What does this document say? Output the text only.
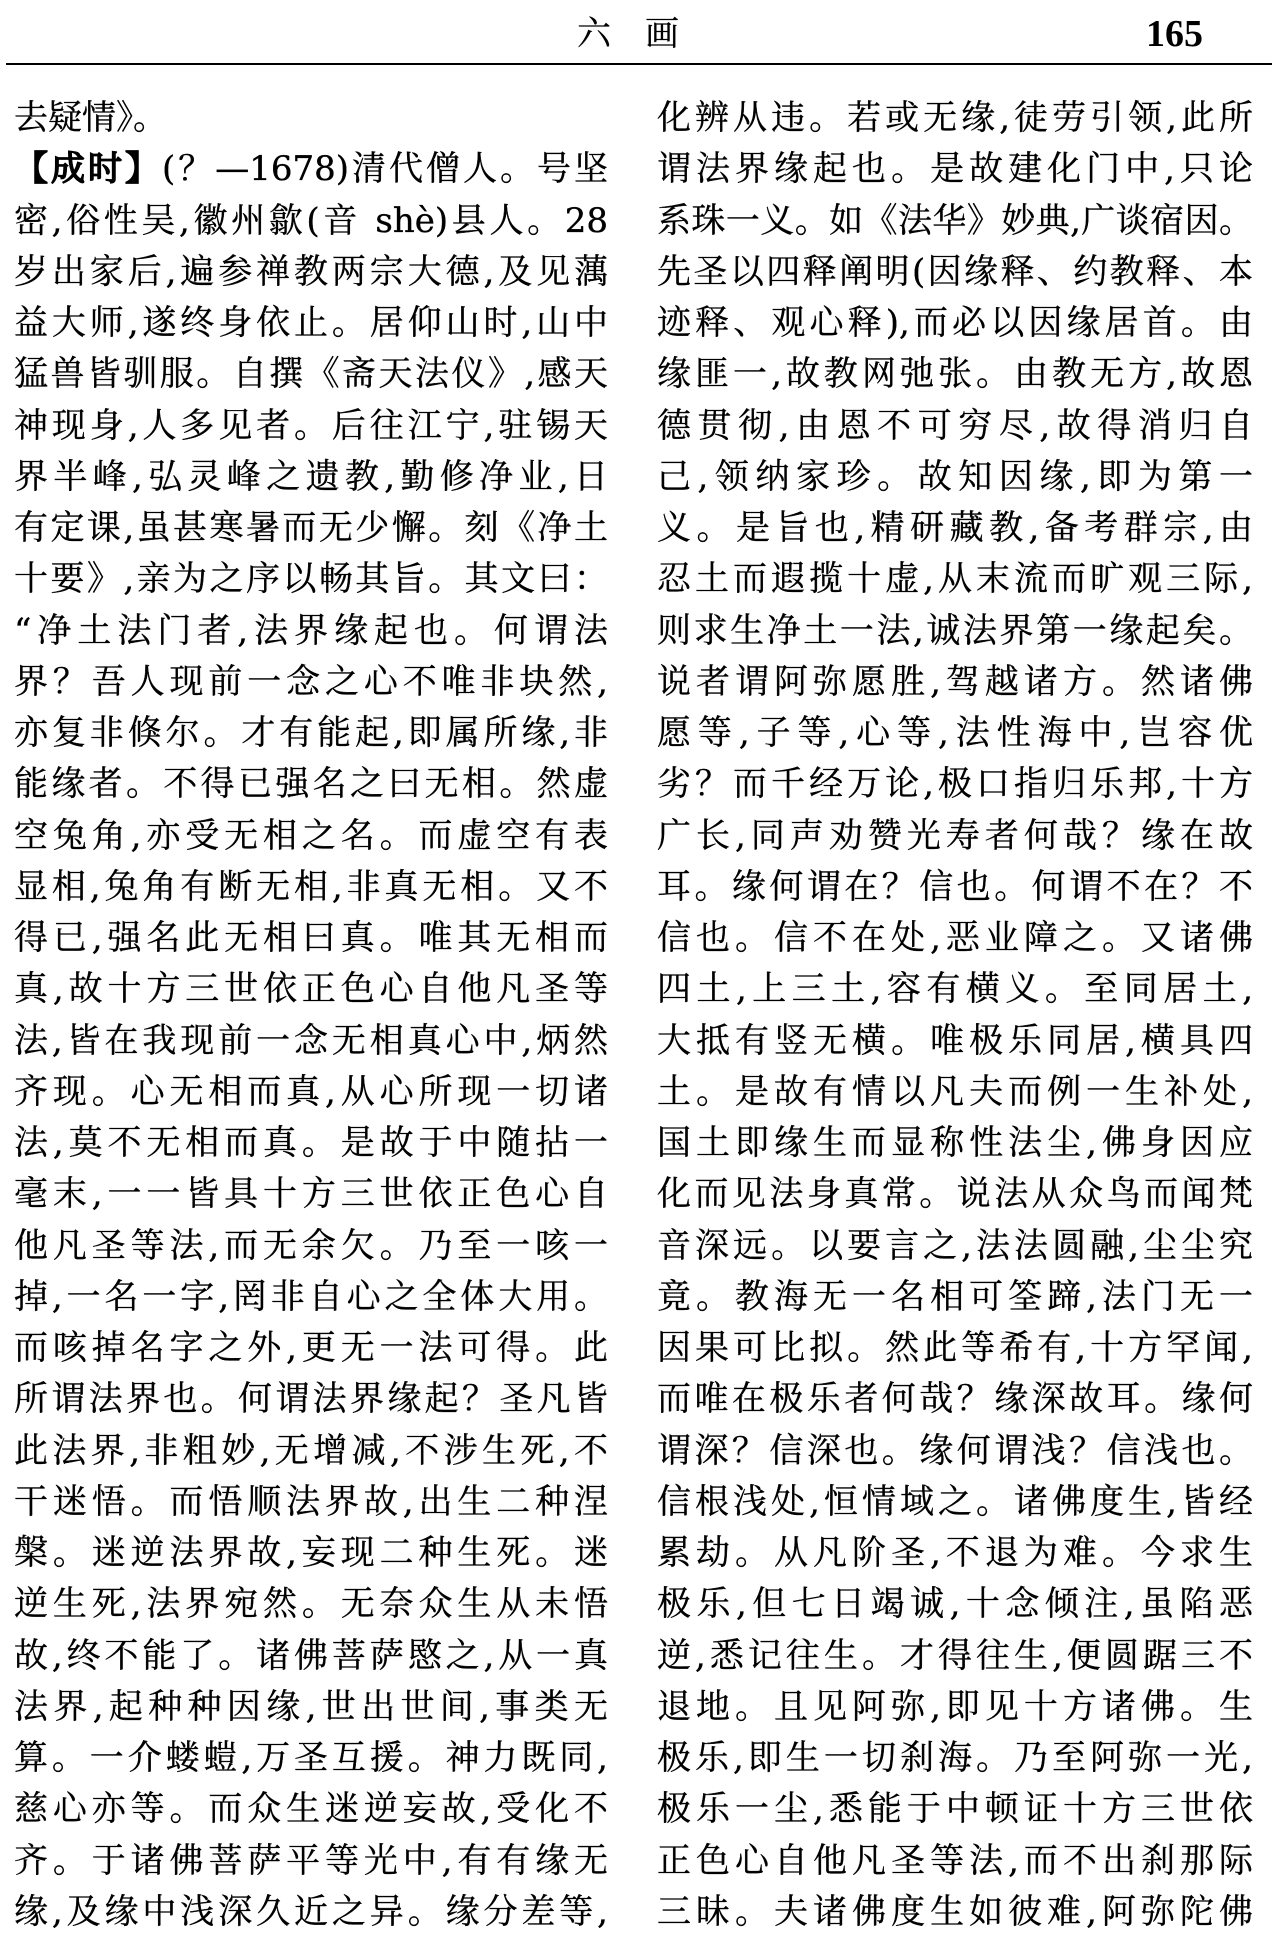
六　画	165
去疑情》。
【成时】(？—1678)清代僧人。号坚
密,俗性吴,徽州歙(音 shè)县人。28
岁出家后,遍参禅教两宗大德,及见蕅
益大师,遂终身依止。居仰山时,山中
猛兽皆驯服。自撰《斋天法仪》,感天
神现身,人多见者。后往江宁,驻锡天
界半峰,弘灵峰之遗教,勤修净业,日
有定课,虽甚寒暑而无少懈。刻《净土
十要》,亲为之序以畅其旨。其文曰：
“净土法门者,法界缘起也。何谓法
界？吾人现前一念之心不唯非块然,
亦复非倏尔。才有能起,即属所缘,非
能缘者。不得已强名之曰无相。然虚
空兔角,亦受无相之名。而虚空有表
显相,兔角有断无相,非真无相。又不
得已,强名此无相曰真。唯其无相而
真,故十方三世依正色心自他凡圣等
法,皆在我现前一念无相真心中,炳然
齐现。心无相而真,从心所现一切诸
法,莫不无相而真。是故于中随拈一
毫末,一一皆具十方三世依正色心自
他凡圣等法,而无余欠。乃至一咳一
掉,一名一字,罔非自心之全体大用。
而咳掉名字之外,更无一法可得。此
所谓法界也。何谓法界缘起？圣凡皆
此法界,非粗妙,无增减,不涉生死,不
干迷悟。而悟顺法界故,出生二种涅
槃。迷逆法界故,妄现二种生死。迷
逆生死,法界宛然。无奈众生从未悟
故,终不能了。诸佛菩萨愍之,从一真
法界,起种种因缘,世出世间,事类无
算。一介蝼螘,万圣互援。神力既同,
慈心亦等。而众生迷逆妄故,受化不
齐。于诸佛菩萨平等光中,有有缘无
缘,及缘中浅深久近之异。缘分差等,
化辨从违。若或无缘,徒劳引领,此所
谓法界缘起也。是故建化门中,只论
系珠一义。如《法华》妙典,广谈宿因。
先圣以四释阐明(因缘释、约教释、本
迹释、观心释),而必以因缘居首。由
缘匪一,故教网弛张。由教无方,故恩
德贯彻,由恩不可穷尽,故得消归自
己,领纳家珍。故知因缘,即为第一
义。是旨也,精研藏教,备考群宗,由
忍土而遐揽十虚,从末流而旷观三际,
则求生净土一法,诚法界第一缘起矣。
说者谓阿弥愿胜,驾越诸方。然诸佛
愿等,子等,心等,法性海中,岂容优
劣？而千经万论,极口指归乐邦,十方
广长,同声劝赞光寿者何哉？缘在故
耳。缘何谓在？信也。何谓不在？不
信也。信不在处,恶业障之。又诸佛
四土,上三土,容有横义。至同居土,
大抵有竖无横。唯极乐同居,横具四
土。是故有情以凡夫而例一生补处,
国土即缘生而显称性法尘,佛身因应
化而见法身真常。说法从众鸟而闻梵
音深远。以要言之,法法圆融,尘尘究
竟。教海无一名相可筌蹄,法门无一
因果可比拟。然此等希有,十方罕闻,
而唯在极乐者何哉？缘深故耳。缘何
谓深？信深也。缘何谓浅？信浅也。
信根浅处,恒情域之。诸佛度生,皆经
累劫。从凡阶圣,不退为难。今求生
极乐,但七日竭诚,十念倾注,虽陷恶
逆,悉记往生。才得往生,便圆踞三不
退地。且见阿弥,即见十方诸佛。生
极乐,即生一切刹海。乃至阿弥一光,
极乐一尘,悉能于中顿证十方三世依
正色心自他凡圣等法,而不出刹那际
三昧。夫诸佛度生如彼难,阿弥陀佛
